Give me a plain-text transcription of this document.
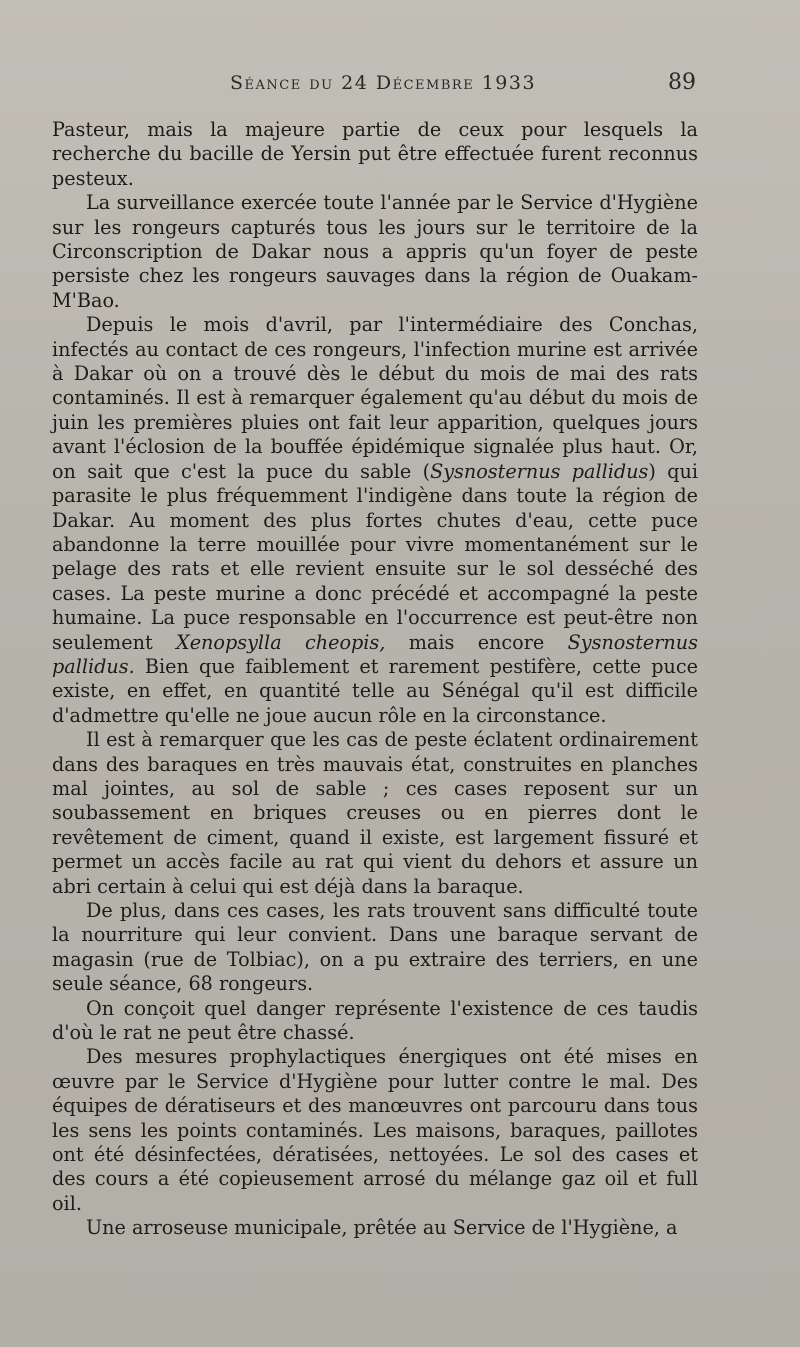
Séance du 24 Décembre 1933	89

Pasteur, mais la majeure partie de ceux pour lesquels la recherche du bacille de Yersin put être effectuée furent reconnus pesteux.

La surveillance exercée toute l'année par le Service d'Hygiène sur les rongeurs capturés tous les jours sur le territoire de la Circonscription de Dakar nous a appris qu'un foyer de peste persiste chez les rongeurs sauvages dans la région de Ouakam-M'Bao.

Depuis le mois d'avril, par l'intermédiaire des Conchas, infectés au contact de ces rongeurs, l'infection murine est arrivée à Dakar où on a trouvé dès le début du mois de mai des rats contaminés. Il est à remarquer également qu'au début du mois de juin les premières pluies ont fait leur apparition, quelques jours avant l'éclosion de la bouffée épidémique signalée plus haut. Or, on sait que c'est la puce du sable (Sysnosternus pallidus) qui parasite le plus fréquemment l'indigène dans toute la région de Dakar. Au moment des plus fortes chutes d'eau, cette puce abandonne la terre mouillée pour vivre momentanément sur le pelage des rats et elle revient ensuite sur le sol desséché des cases. La peste murine a donc précédé et accompagné la peste humaine. La puce responsable en l'occurrence est peut-être non seulement Xenopsylla cheopis, mais encore Sysnosternus pallidus. Bien que faiblement et rarement pestifère, cette puce existe, en effet, en quantité telle au Sénégal qu'il est difficile d'admettre qu'elle ne joue aucun rôle en la circonstance.

Il est à remarquer que les cas de peste éclatent ordinairement dans des baraques en très mauvais état, construites en planches mal jointes, au sol de sable ; ces cases reposent sur un soubassement en briques creuses ou en pierres dont le revêtement de ciment, quand il existe, est largement fissuré et permet un accès facile au rat qui vient du dehors et assure un abri certain à celui qui est déjà dans la baraque.

De plus, dans ces cases, les rats trouvent sans difficulté toute la nourriture qui leur convient. Dans une baraque servant de magasin (rue de Tolbiac), on a pu extraire des terriers, en une seule séance, 68 rongeurs.

On conçoit quel danger représente l'existence de ces taudis d'où le rat ne peut être chassé.

Des mesures prophylactiques énergiques ont été mises en œuvre par le Service d'Hygiène pour lutter contre le mal. Des équipes de dératiseurs et des manœuvres ont parcouru dans tous les sens les points contaminés. Les maisons, baraques, paillotes ont été désinfectées, dératisées, nettoyées. Le sol des cases et des cours a été copieusement arrosé du mélange gaz oil et full oil.

Une arroseuse municipale, prêtée au Service de l'Hygiène, a
